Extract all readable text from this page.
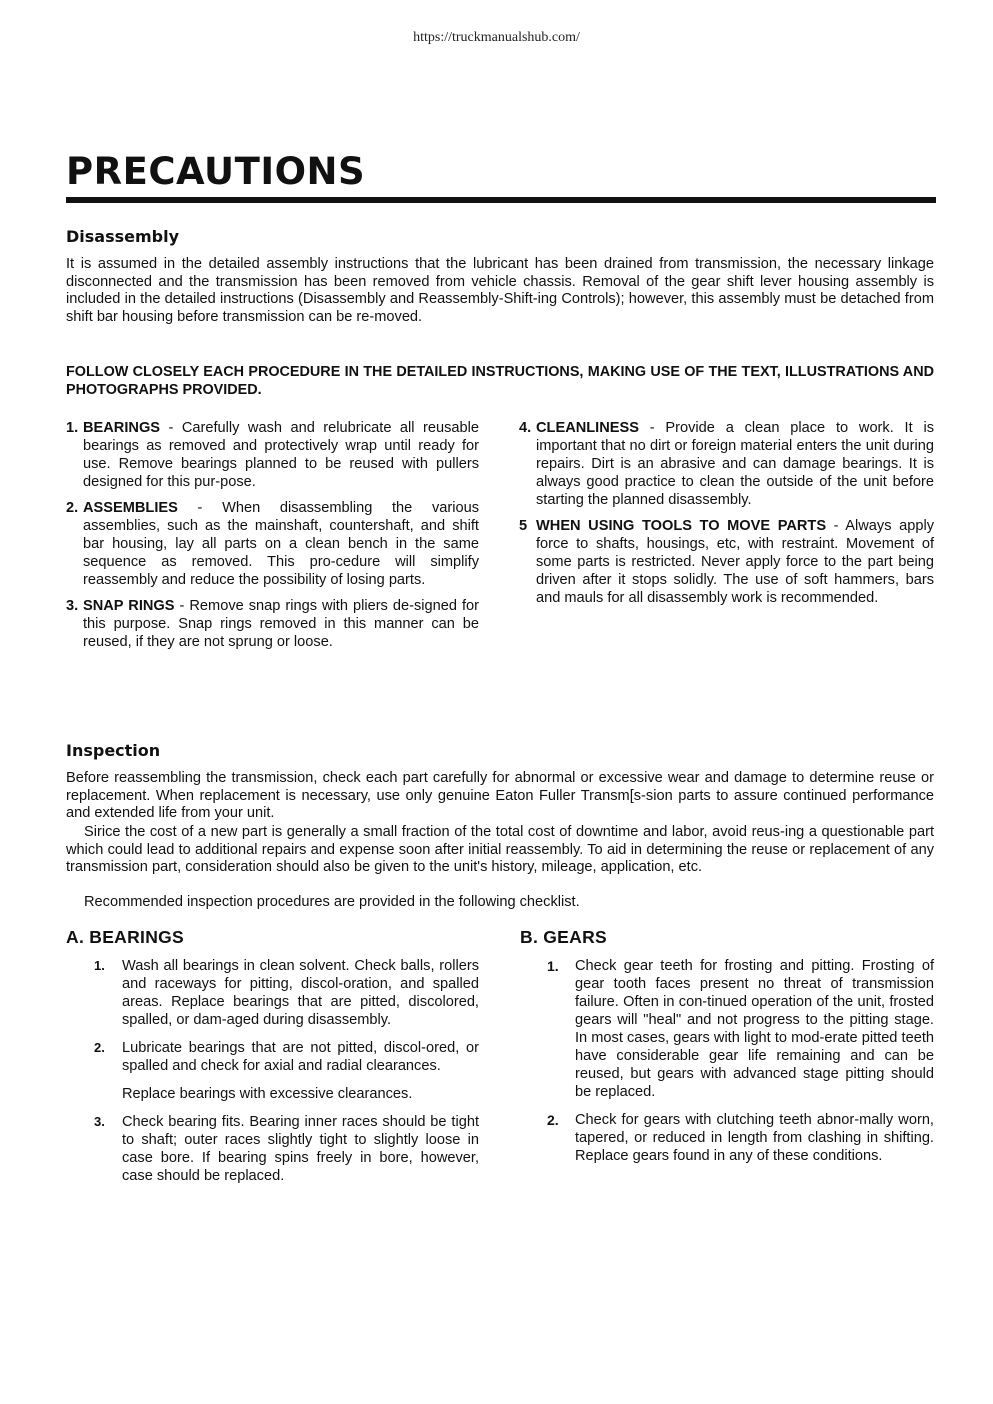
https://truckmanualshub.com/
PRECAUTIONS
Disassembly

It is assumed in the detailed assembly instructions that the lubricant has been drained from transmission, the necessary linkage disconnected and the transmission has been removed from vehicle chassis. Removal of the gear shift lever housing assembly is included in the detailed instructions (Disassembly and Reassembly-Shift-ing Controls); however, this assembly must be detached from shift bar housing before transmission can be re-moved.

FOLLOW CLOSELY EACH PROCEDURE IN THE DETAILED INSTRUCTIONS, MAKING USE OF THE TEXT, ILLUSTRATIONS AND PHOTOGRAPHS PROVIDED.

1. BEARINGS - Carefully wash and relubricate all reusable bearings as removed and protectively wrap until ready for use. Remove bearings planned to be reused with pullers designed for this pur-pose.
2. ASSEMBLIES - When disassembling the various assemblies, such as the mainshaft, countershaft, and shift bar housing, lay all parts on a clean bench in the same sequence as removed. This pro-cedure will simplify reassembly and reduce the possibility of losing parts.
3. SNAP RINGS - Remove snap rings with pliers de-signed for this purpose. Snap rings removed in this manner can be reused, if they are not sprung or loose.
4. CLEANLINESS - Provide a clean place to work. It is important that no dirt or foreign material enters the unit during repairs. Dirt is an abrasive and can damage bearings. It is always good practice to clean the outside of the unit before starting the planned disassembly.
5 WHEN USING TOOLS TO MOVE PARTS - Always apply force to shafts, housings, etc, with restraint. Movement of some parts is restricted. Never apply force to the part being driven after it stops solidly. The use of soft hammers, bars and mauls for all disassembly work is recommended.
Inspection

Before reassembling the transmission, check each part carefully for abnormal or excessive wear and damage to determine reuse or replacement. When replacement is necessary, use only genuine Eaton Fuller Transm[s-sion parts to assure continued performance and extended life from your unit.

Sirice the cost of a new part is generally a small fraction of the total cost of downtime and labor, avoid reus-ing a questionable part which could lead to additional repairs and expense soon after initial reassembly. To aid in determining the reuse or replacement of any transmission part, consideration should also be given to the unit's history, mileage, application, etc.

Recommended inspection procedures are provided in the following checklist.

A. BEARINGS
1. Wash all bearings in clean solvent. Check balls, rollers and raceways for pitting, discol-oration, and spalled areas. Replace bearings that are pitted, discolored, spalled, or dam-aged during disassembly.
2. Lubricate bearings that are not pitted, discol-ored, or spalled and check for axial and radial clearances.
Replace bearings with excessive clearances.
3. Check bearing fits. Bearing inner races should be tight to shaft; outer races slightly tight to slightly loose in case bore. If bearing spins freely in bore, however, case should be replaced.
B. GEARS
1. Check gear teeth for frosting and pitting. Frosting of gear tooth faces present no threat of transmission failure. Often in con-tinued operation of the unit, frosted gears will "heal" and not progress to the pitting stage. In most cases, gears with light to mod-erate pitted teeth have considerable gear life remaining and can be reused, but gears with advanced stage pitting should be replaced.
2. Check for gears with clutching teeth abnor-mally worn, tapered, or reduced in length from clashing in shifting. Replace gears found in any of these conditions.
